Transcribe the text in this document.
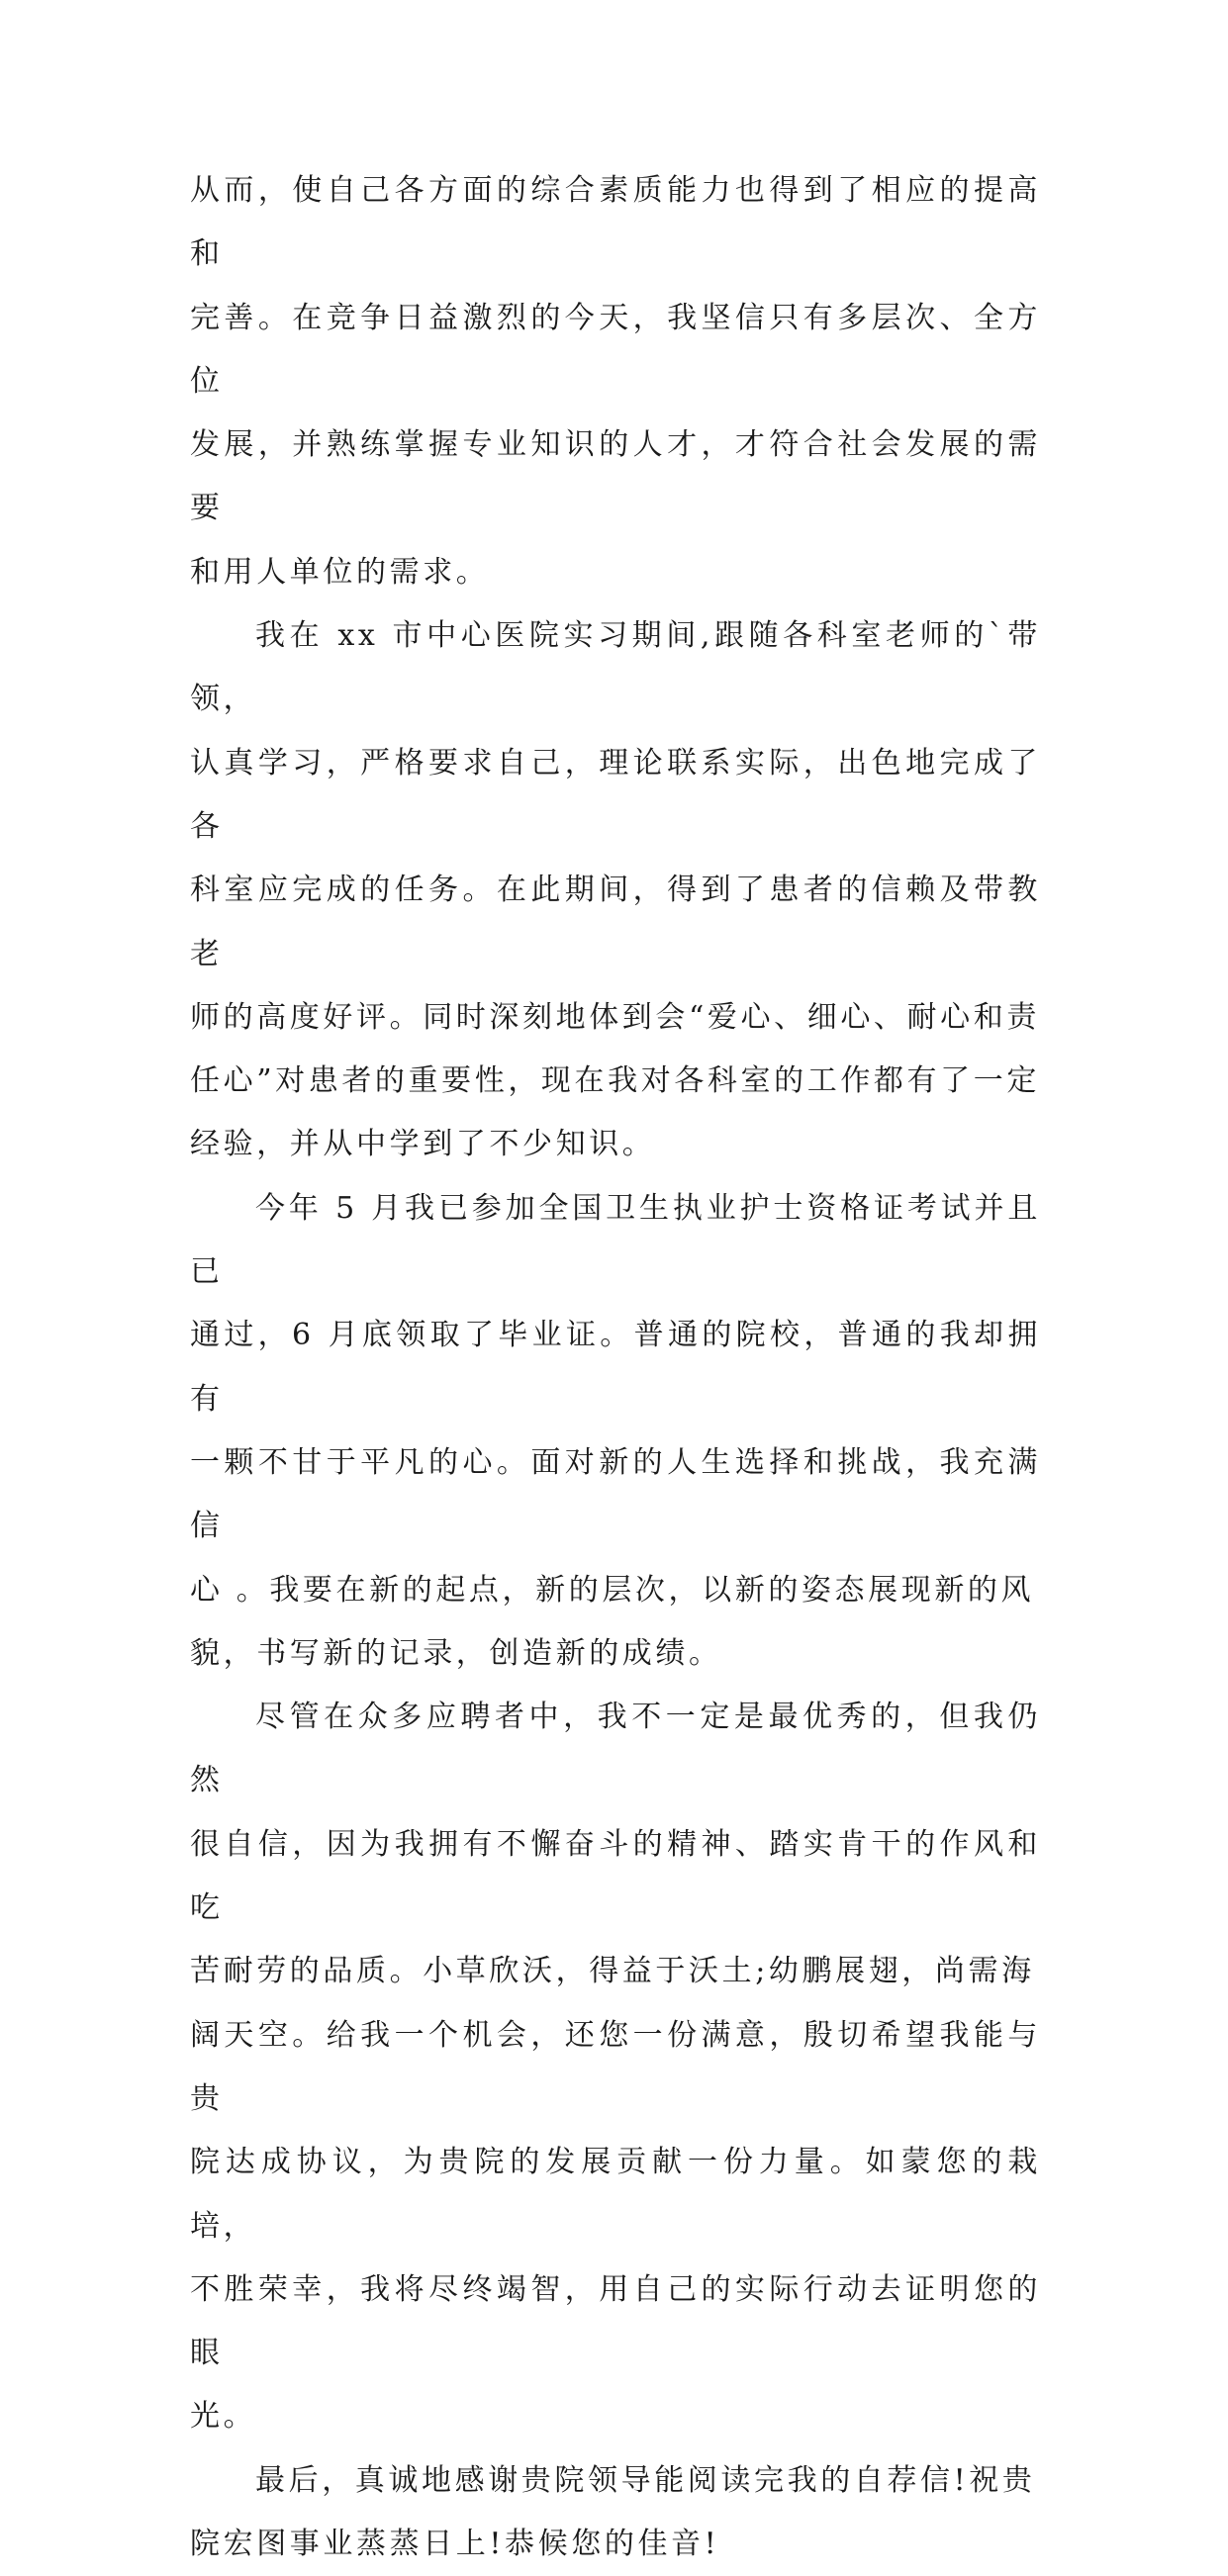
从而，使自己各方面的综合素质能力也得到了相应的提高和
完善。在竞争日益激烈的今天，我坚信只有多层次、全方位
发展，并熟练掌握专业知识的人才，才符合社会发展的需要
和用人单位的需求。

我在 xx 市中心医院实习期间,跟随各科室老师的`带领，
认真学习，严格要求自己，理论联系实际，出色地完成了各
科室应完成的任务。在此期间，得到了患者的信赖及带教老
师的高度好评。同时深刻地体到会“爱心、细心、耐心和责
任心”对患者的重要性，现在我对各科室的工作都有了一定
经验，并从中学到了不少知识。

今年 5 月我已参加全国卫生执业护士资格证考试并且已
通过，6 月底领取了毕业证。普通的院校，普通的我却拥有
一颗不甘于平凡的心。面对新的人生选择和挑战，我充满信
心 。我要在新的起点，新的层次，以新的姿态展现新的风
貌，书写新的记录，创造新的成绩。

尽管在众多应聘者中，我不一定是最优秀的，但我仍然
很自信，因为我拥有不懈奋斗的精神、踏实肯干的作风和吃
苦耐劳的品质。小草欣沃，得益于沃土;幼鹏展翅，尚需海
阔天空。给我一个机会，还您一份满意，殷切希望我能与贵
院达成协议，为贵院的发展贡献一份力量。如蒙您的栽培，
不胜荣幸，我将尽终竭智，用自己的实际行动去证明您的眼
光。

最后，真诚地感谢贵院领导能阅读完我的自荐信!祝贵
院宏图事业蒸蒸日上!恭候您的佳音!
